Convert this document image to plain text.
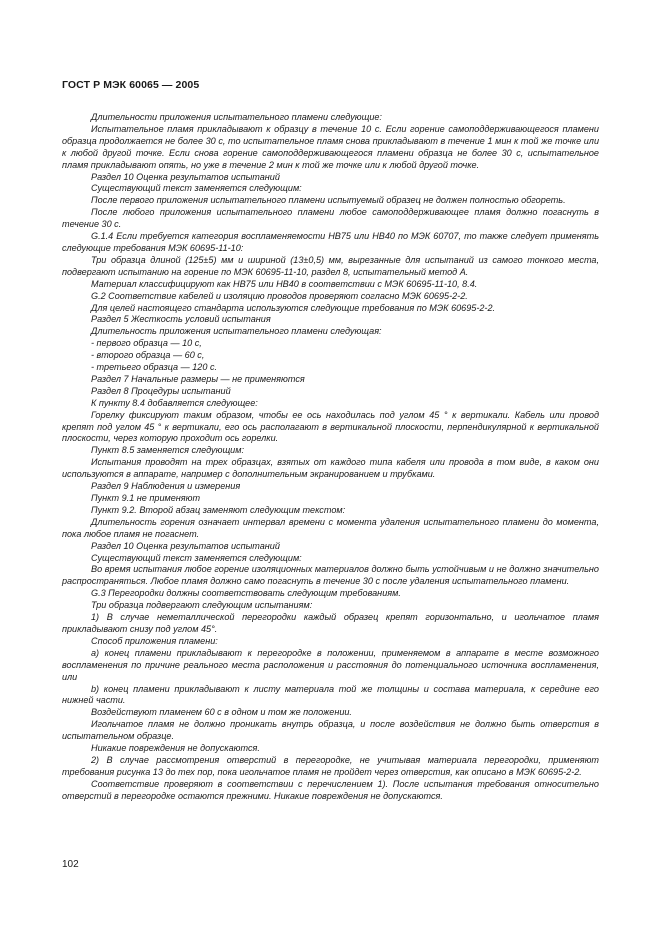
ГОСТ Р МЭК 60065 — 2005

Длительности приложения испытательного пламени следующие:

Испытательное пламя прикладывают к образцу в течение 10 с. Если горение самоподдерживающегося пламени образца продолжается не более 30 с, то испытательное пламя снова прикладывают в течение 1 мин к той же точке или к любой другой точке. Если снова горение самоподдерживающегося пламени образца не более 30 с, испытательное пламя прикладывают опять, но уже в течение 2 мин к той же точке или к любой другой точке.

Раздел 10 Оценка результатов испытаний

Существующий текст заменяется следующим:

После первого приложения испытательного пламени испытуемый образец не должен полностью обгореть.

После любого приложения испытательного пламени любое самоподдерживающее пламя должно погаснуть в течение 30 с.

G.1.4 Если требуется категория воспламеняемости НВ75 или НВ40 по МЭК 60707, то также следует применять следующие требования МЭК 60695-11-10:

Три образца длиной (125±5) мм и шириной (13±0,5) мм, вырезанные для испытаний из самого тонкого места, подвергают испытанию на горение по МЭК 60695-11-10, раздел 8, испытательный метод А.

Материал классифицируют как НВ75 или НВ40 в соответствии с МЭК 60695-11-10, 8.4.

G.2 Соответствие кабелей и изоляцию проводов проверяют согласно МЭК 60695-2-2.

Для целей настоящего стандарта используются следующие требования по МЭК 60695-2-2.

Раздел 5 Жесткость условий испытания

Длительность приложения испытательного пламени следующая:

- первого образца — 10 с,

- второго образца — 60 с,

- третьего образца — 120 с.

Раздел 7 Начальные размеры — не применяются

Раздел 8 Процедуры испытаний

К пункту 8.4 добавляется следующее:

Горелку фиксируют таким образом, чтобы ее ось находилась под углом 45 ° к вертикали. Кабель или провод крепят под углом 45 ° к вертикали, его ось располагают в вертикальной плоскости, перпендикулярной к вертикальной плоскости, через которую проходит ось горелки.

Пункт 8.5 заменяется следующим:

Испытания проводят на трех образцах, взятых от каждого типа кабеля или провода в том виде, в каком они используются в аппарате, например с дополнительным экранированием и трубками.

Раздел 9 Наблюдения и измерения

Пункт 9.1 не применяют

Пункт 9.2. Второй абзац заменяют следующим текстом:

Длительность горения означает интервал времени с момента удаления испытательного пламени до момента, пока любое пламя не погаснет.

Раздел 10 Оценка результатов испытаний

Существующий текст заменяется следующим:

Во время испытания любое горение изоляционных материалов должно быть устойчивым и не должно значительно распространяться. Любое пламя должно само погаснуть в течение 30 с после удаления испытательного пламени.

G.3 Перегородки должны соответствовать следующим требованиям.

Три образца подвергают следующим испытаниям:

1) В случае неметаллической перегородки каждый образец крепят горизонтально, и игольчатое пламя прикладывают снизу под углом 45°.

Способ приложения пламени:

а) конец пламени прикладывают к перегородке в положении, применяемом в аппарате в месте возможного воспламенения по причине реального места расположения и расстояния до потенциального источника воспламенения, или

b) конец пламени прикладывают к листу материала той же толщины и состава материала, к середине его нижней части.

Воздействуют пламенем 60 с в одном и том же положении.

Игольчатое пламя не должно проникать внутрь образца, и после воздействия не должно быть отверстия в испытательном образце.

Никакие повреждения не допускаются.

2) В случае рассмотрения отверстий в перегородке, не учитывая материала перегородки, применяют требования рисунка 13 до тех пор, пока игольчатое пламя не пройдет через отверстия, как описано в МЭК 60695-2-2.

Соответствие проверяют в соответствии с перечислением 1). После испытания требования относительно отверстий в перегородке остаются прежними. Никакие повреждения не допускаются.

102
